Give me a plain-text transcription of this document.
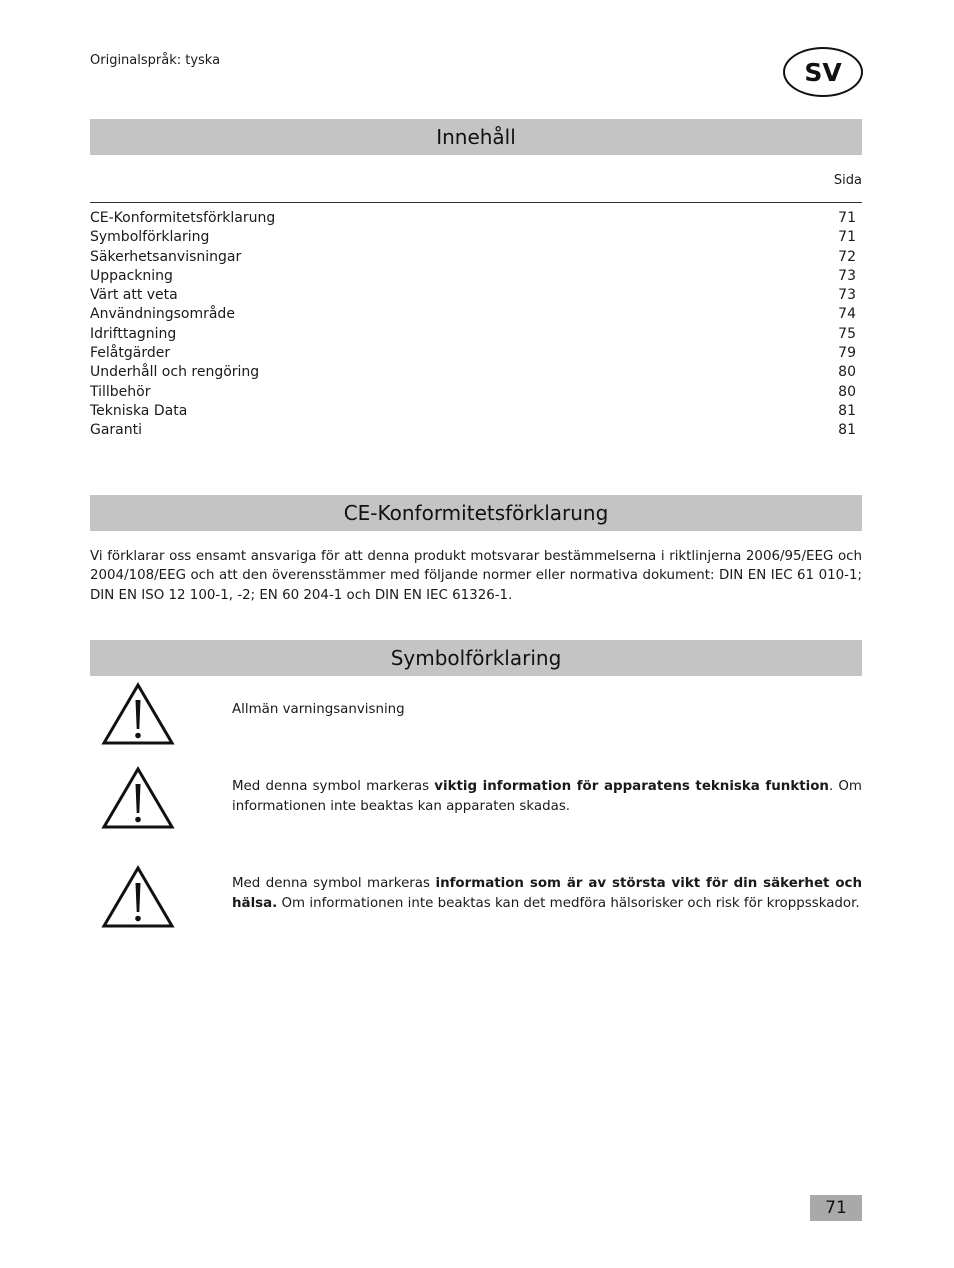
Originalspråk: tyska	SV
Innehåll
Sida
CE-Konformitetsförklarung	71
Symbolförklaring	71
Säkerhetsanvisningar	72
Uppackning	73
Värt att veta	73
Användningsområde	74
Idrifttagning	75
Felåtgärder	79
Underhåll och rengöring	80
Tillbehör	80
Tekniska Data	81
Garanti	81
CE-Konformitetsförklarung

Vi förklarar oss ensamt ansvariga för att denna produkt motsvarar bestämmelserna i riktlinjerna 2006/95/EEG och 2004/108/EEG och att den överensstämmer med följande normer eller normativa dokument: DIN EN IEC 61 010-1; DIN EN ISO 12 100-1, -2; EN 60 204-1 och DIN EN IEC 61326-1.

Symbolförklaring

Allmän varningsanvisning

Med denna symbol markeras viktig information för apparatens tekniska funktion. Om informationen inte beaktas kan apparaten skadas.

Med denna symbol markeras information som är av största vikt för din säkerhet och hälsa. Om informationen inte beaktas kan det medföra hälsorisker och risk för kroppsskador.

71
